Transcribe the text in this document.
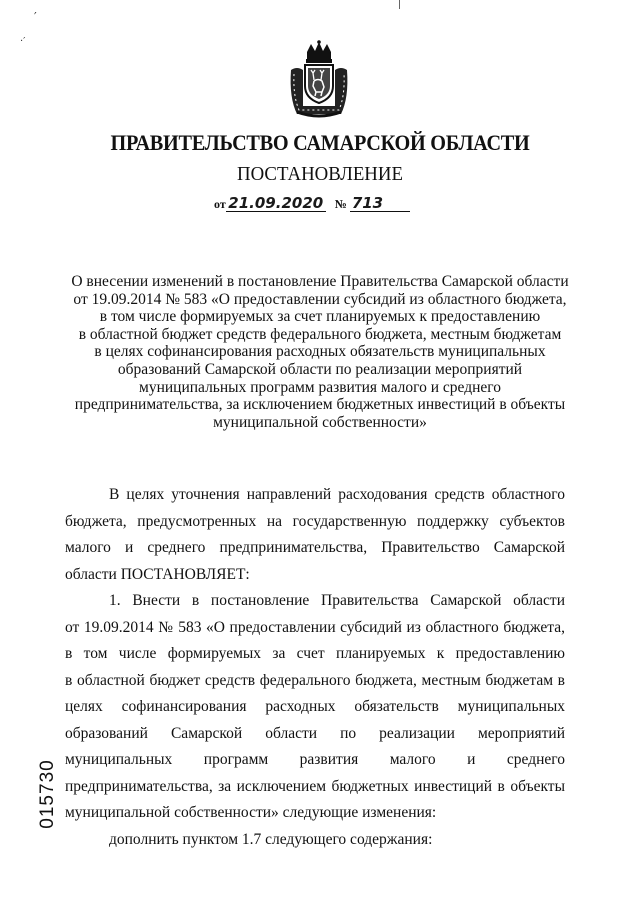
′
·′
|
ПРАВИТЕЛЬСТВО САМАРСКОЙ ОБЛАСТИ
ПОСТАНОВЛЕНИЕ
от 21.09.2020 № 713
О внесении изменений в постановление Правительства Самарской области
от 19.09.2014 № 583 «О предоставлении субсидий из областного бюджета,
в том числе формируемых за счет планируемых к предоставлению
в областной бюджет средств федерального бюджета, местным бюджетам
в целях софинансирования расходных обязательств муниципальных
образований Самарской области по реализации мероприятий
муниципальных программ развития малого и среднего
предпринимательства, за исключением бюджетных инвестиций в объекты
муниципальной собственности»
В целях уточнения направлений расходования средств областного
бюджета, предусмотренных на государственную поддержку субъектов
малого и среднего предпринимательства, Правительство Самарской
области ПОСТАНОВЛЯЕТ:
1. Внести в постановление Правительства Самарской области
от 19.09.2014 № 583 «О предоставлении субсидий из областного бюджета,
в том числе формируемых за счет планируемых к предоставлению
в областной бюджет средств федерального бюджета, местным бюджетам в
целях софинансирования расходных обязательств муниципальных
образований Самарской области по реализации мероприятий
муниципальных программ развития малого и среднего
предпринимательства, за исключением бюджетных инвестиций в объекты
муниципальной собственности» следующие изменения:
дополнить пунктом 1.7 следующего содержания:
015730
